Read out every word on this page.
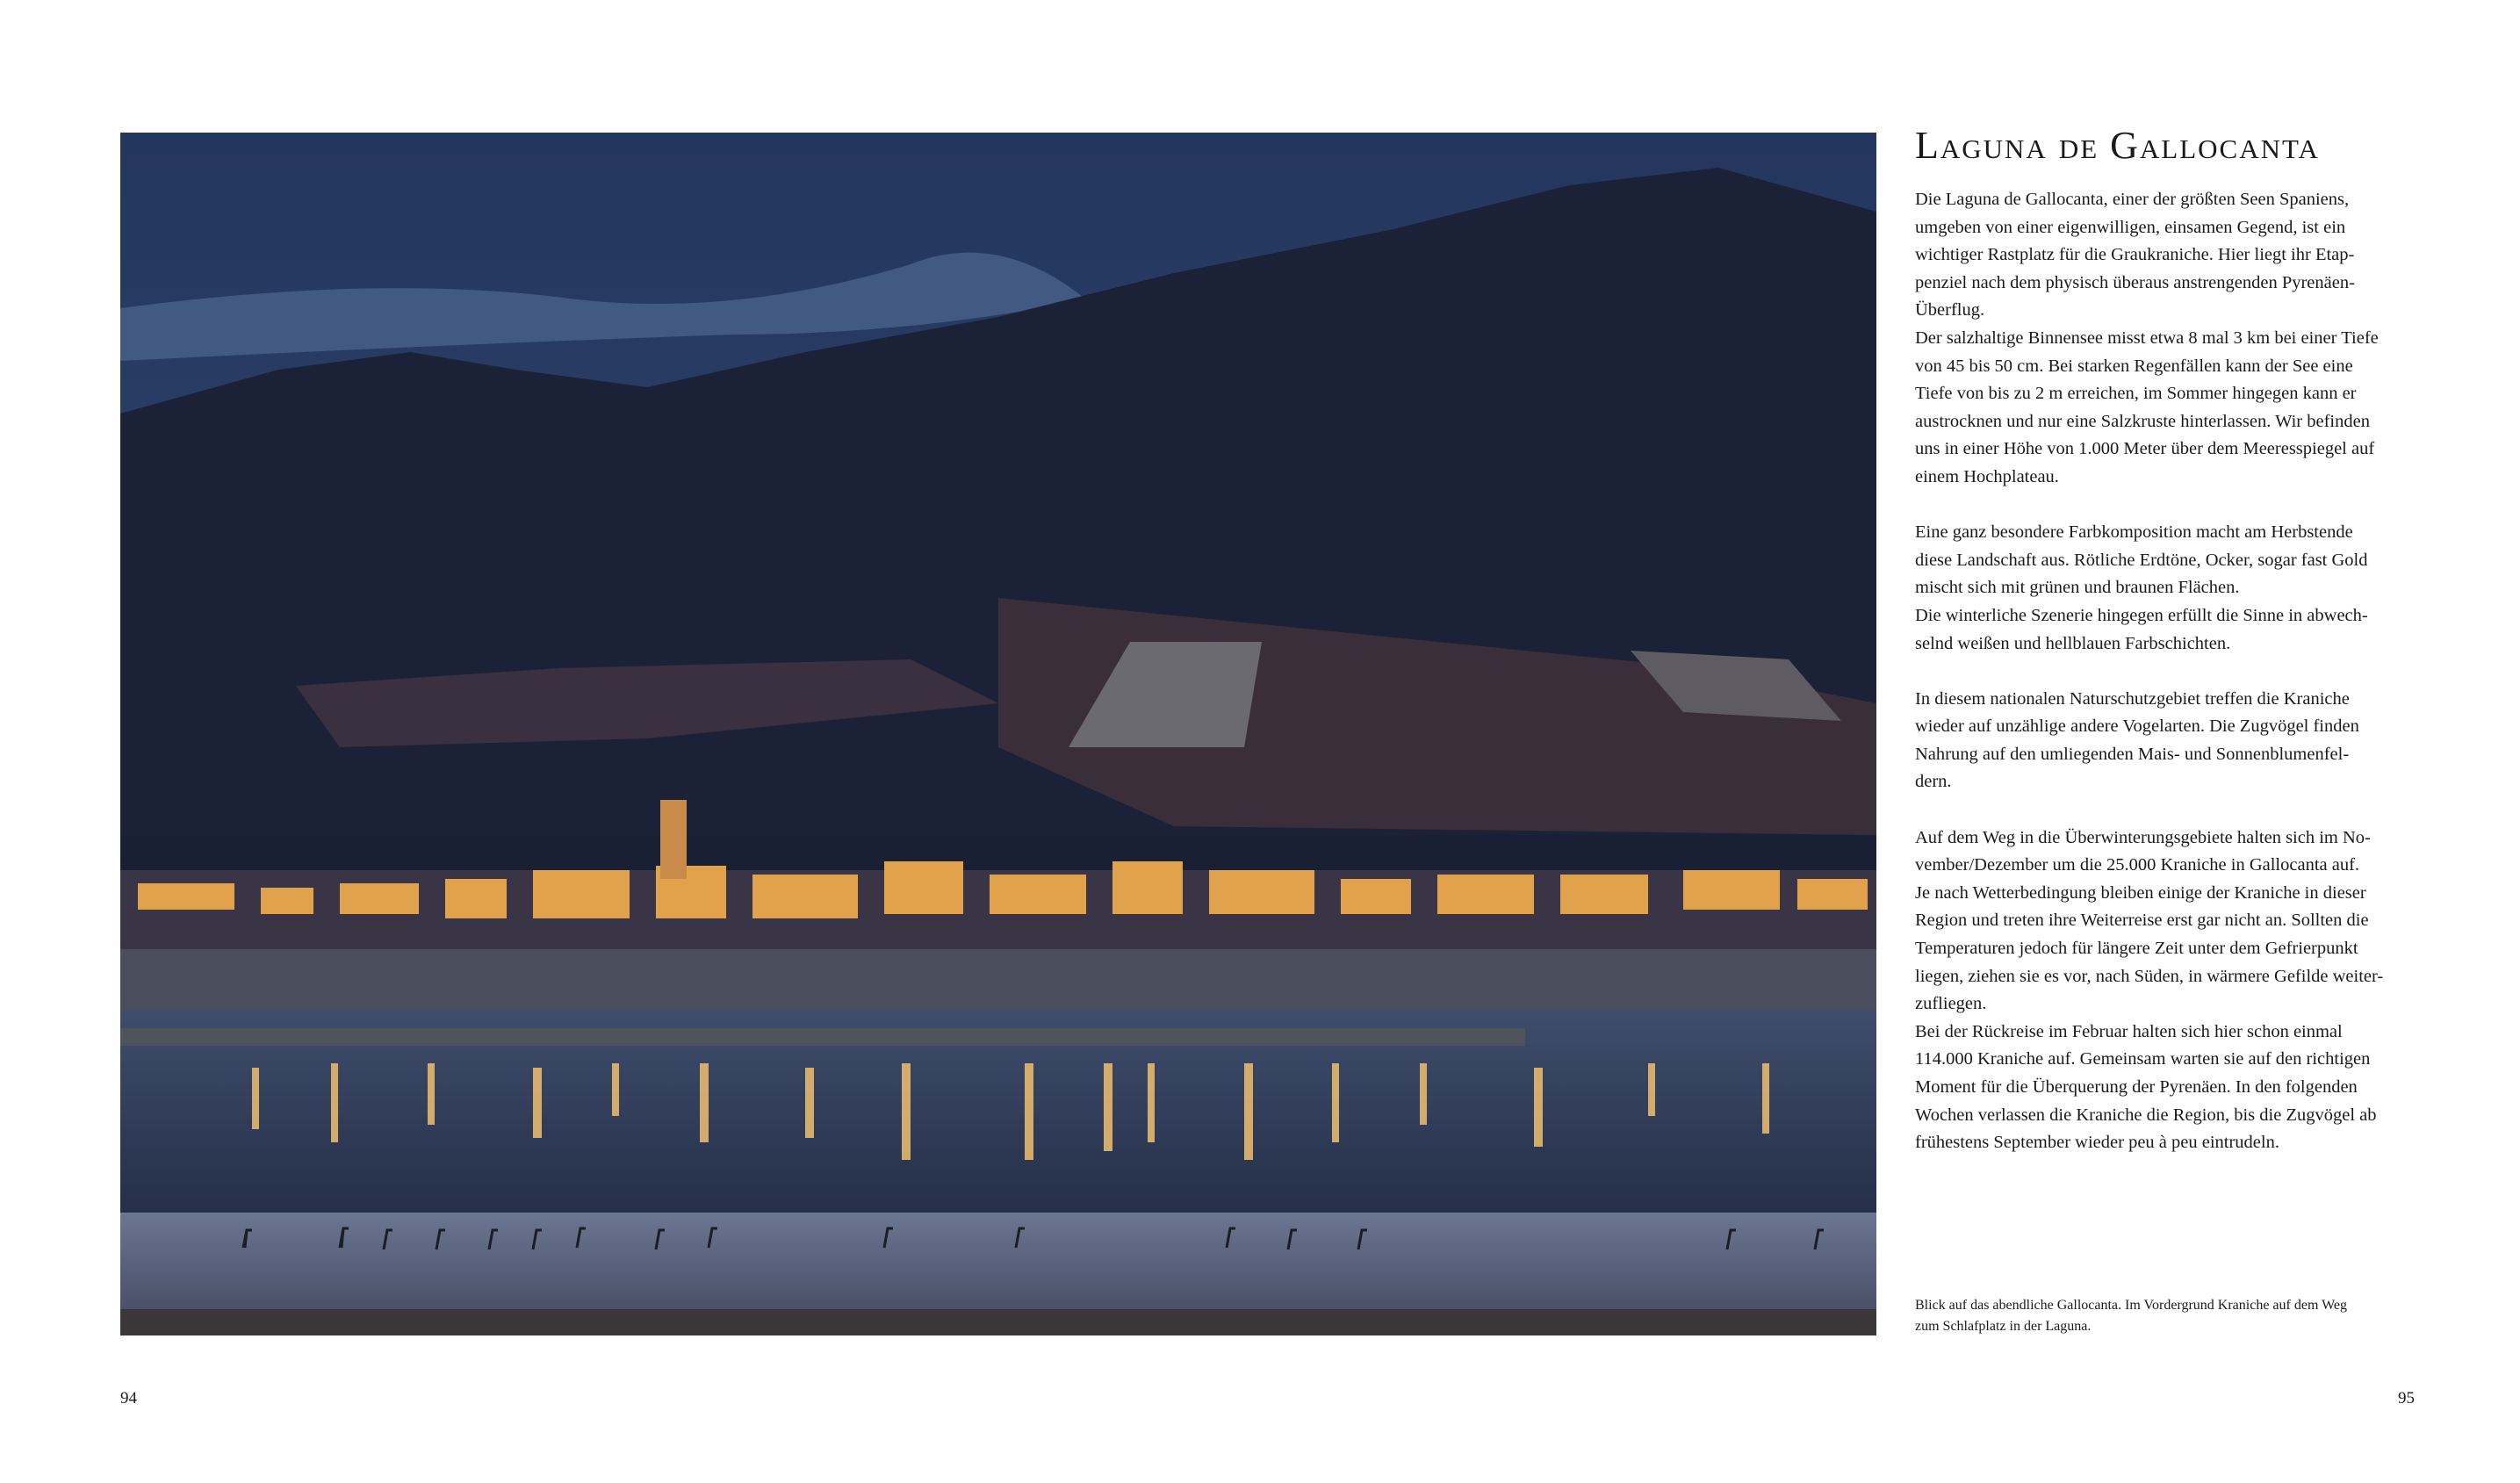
Laguna de Gallocanta

Die Laguna de Gallocanta, einer der größten Seen Spaniens,
umgeben von einer eigenwilligen, einsamen Gegend, ist ein
wichtiger Rastplatz für die Graukraniche. Hier liegt ihr Etap-
penziel nach dem physisch überaus anstrengenden Pyrenäen-
Überflug.
Der salzhaltige Binnensee misst etwa 8 mal 3 km bei einer Tiefe
von 45 bis 50 cm. Bei starken Regenfällen kann der See eine
Tiefe von bis zu 2 m erreichen, im Sommer hingegen kann er
austrocknen und nur eine Salzkruste hinterlassen. Wir befinden
uns in einer Höhe von 1.000 Meter über dem Meeresspiegel auf
einem Hochplateau.

Eine ganz besondere Farbkomposition macht am Herbstende
diese Landschaft aus. Rötliche Erdtöne, Ocker, sogar fast Gold
mischt sich mit grünen und braunen Flächen.
Die winterliche Szenerie hingegen erfüllt die Sinne in abwech-
selnd weißen und hellblauen Farbschichten.

In diesem nationalen Naturschutzgebiet treffen die Kraniche
wieder auf unzählige andere Vogelarten. Die Zugvögel finden
Nahrung auf den umliegenden Mais- und Sonnenblumenfel-
dern.

Auf dem Weg in die Überwinterungsgebiete halten sich im No-
vember/Dezember um die 25.000 Kraniche in Gallocanta auf.
Je nach Wetterbedingung bleiben einige der Kraniche in dieser
Region und treten ihre Weiterreise erst gar nicht an. Sollten die
Temperaturen jedoch für längere Zeit unter dem Gefrierpunkt
liegen, ziehen sie es vor, nach Süden, in wärmere Gefilde weiter-
zufliegen.
Bei der Rückreise im Februar halten sich hier schon einmal
114.000 Kraniche auf. Gemeinsam warten sie auf den richtigen
Moment für die Überquerung der Pyrenäen. In den folgenden
Wochen verlassen die Kraniche die Region, bis die Zugvögel ab
frühestens September wieder peu à peu eintrudeln.

Blick auf das abendliche Gallocanta. Im Vordergrund Kraniche auf dem Weg
zum Schlafplatz in der Laguna.
94	95
